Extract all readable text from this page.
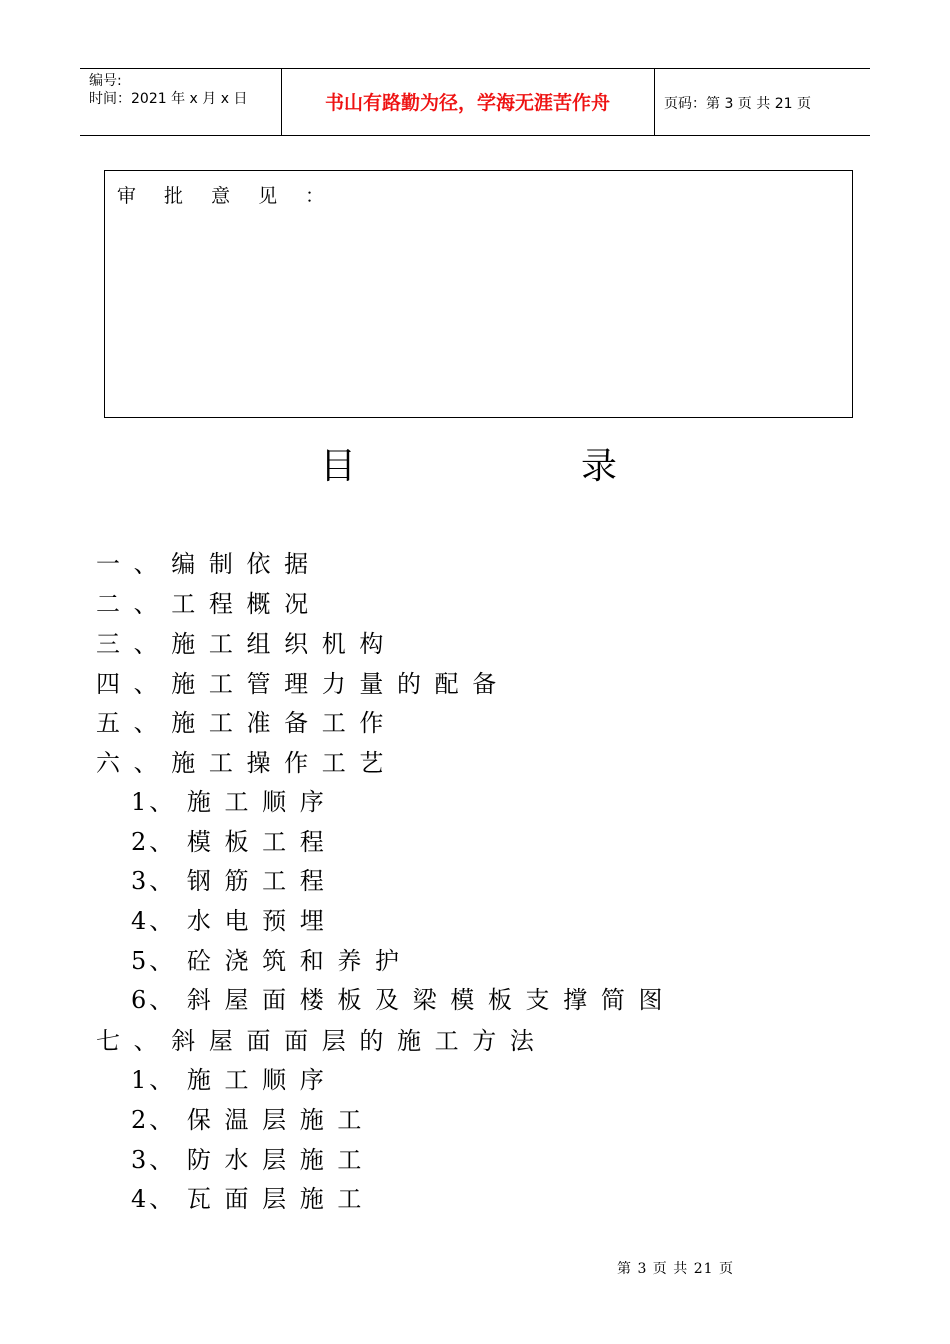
编号:
时间：2021 年 x 月 x 日	书山有路勤为径，学海无涯苦作舟	页码：第 3 页 共 21 页
审 批 意 见 ：
目	录
一 、 编 制 依 据
二 、 工 程 概 况
三 、 施 工 组 织 机 构
四 、 施 工 管 理 力 量 的 配 备
五 、 施 工 准 备 工 作
六 、 施 工 操 作 工 艺
1、 施 工 顺 序
2、 模 板 工 程
3、 钢 筋 工 程
4、 水 电 预 埋
5、 砼 浇 筑 和 养 护
6、 斜 屋 面 楼 板 及 梁 模 板 支 撑 简 图
七 、 斜 屋 面 面 层 的 施 工 方 法
1、 施 工 顺 序
2、 保 温 层 施 工
3、 防 水 层 施 工
4、 瓦 面 层 施 工
第 3 页 共 21 页
